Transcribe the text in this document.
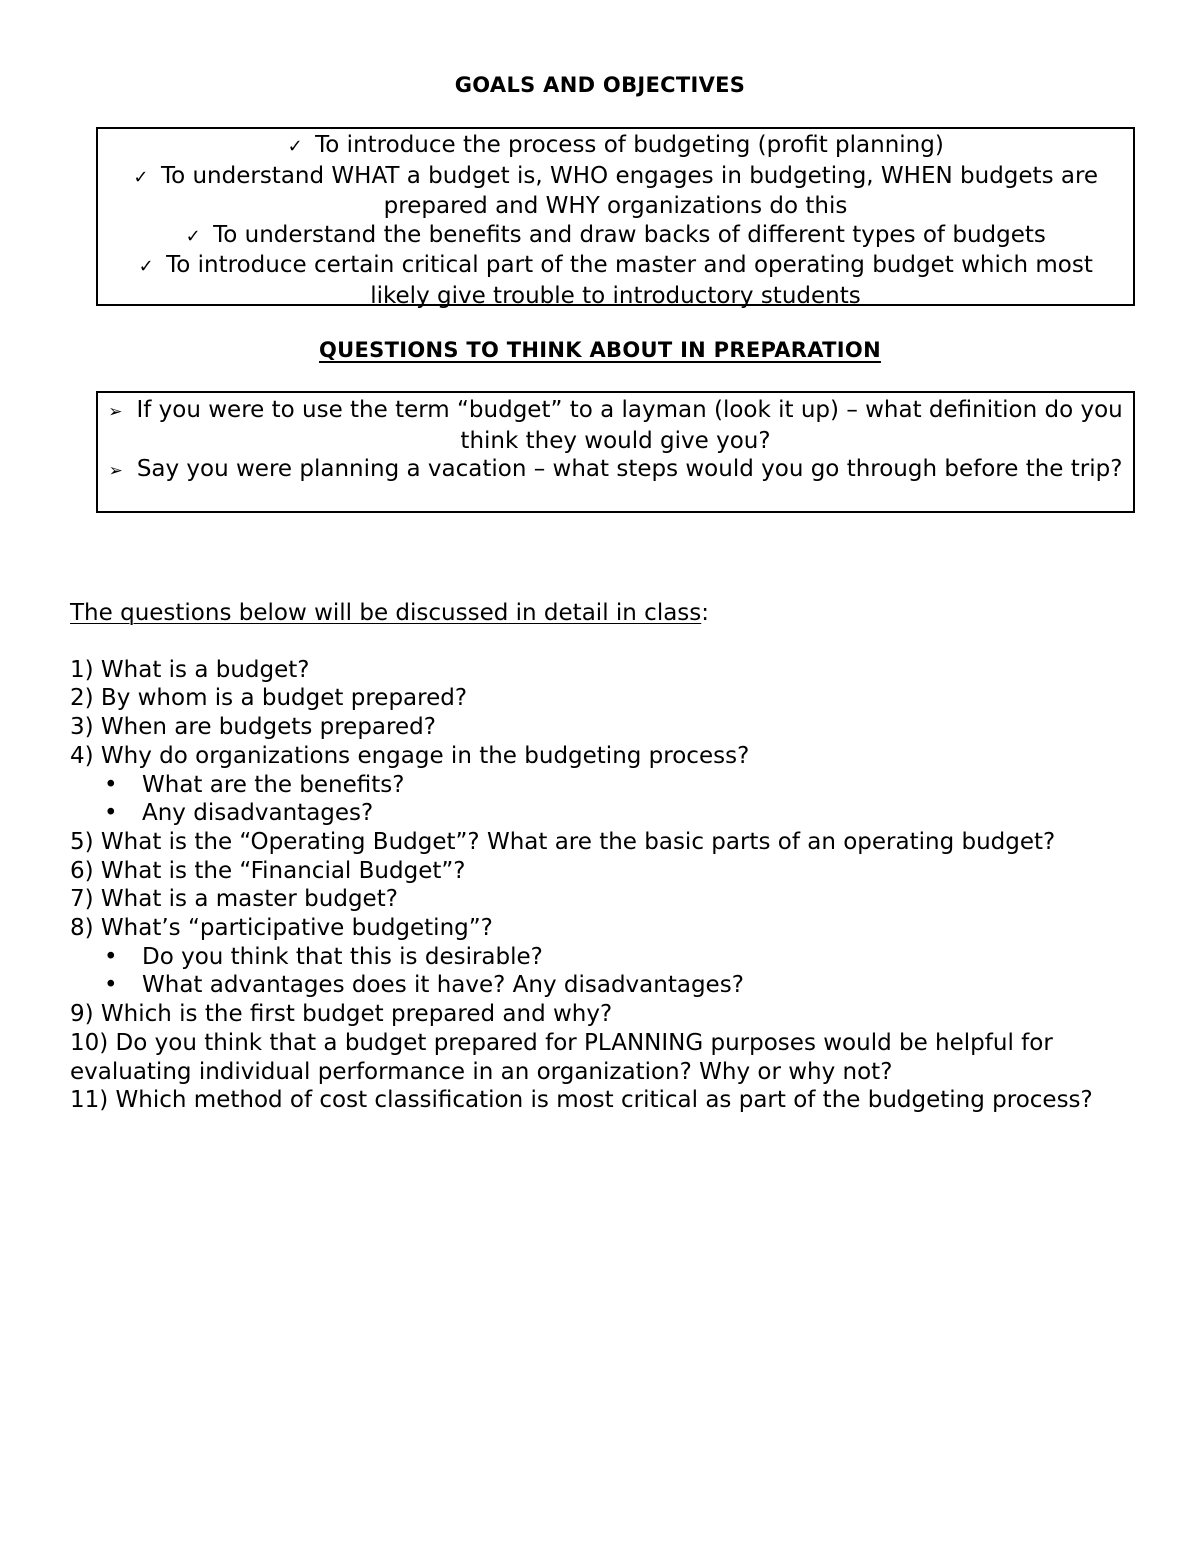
GOALS AND OBJECTIVES
✓ To introduce the process of budgeting (profit planning)
✓ To understand WHAT a budget is, WHO engages in budgeting, WHEN budgets are prepared and WHY organizations do this
✓ To understand the benefits and draw backs of different types of budgets
✓ To introduce certain critical part of the master and operating budget which most likely give trouble to introductory students
QUESTIONS TO THINK ABOUT IN PREPARATION
➢ If you were to use the term “budget” to a layman (look it up) – what definition do you think they would give you?
➢ Say you were planning a vacation – what steps would you go through before the trip?

The questions below will be discussed in detail in class:

1) What is a budget?
2) By whom is a budget prepared?
3) When are budgets prepared?
4) Why do organizations engage in the budgeting process?
• What are the benefits?
• Any disadvantages?
5) What is the “Operating Budget”? What are the basic parts of an operating budget?
6) What is the “Financial Budget”?
7) What is a master budget?
8) What’s “participative budgeting”?
• Do you think that this is desirable?
• What advantages does it have? Any disadvantages?
9) Which is the first budget prepared and why?
10) Do you think that a budget prepared for PLANNING purposes would be helpful for evaluating individual performance in an organization? Why or why not?
11) Which method of cost classification is most critical as part of the budgeting process?
